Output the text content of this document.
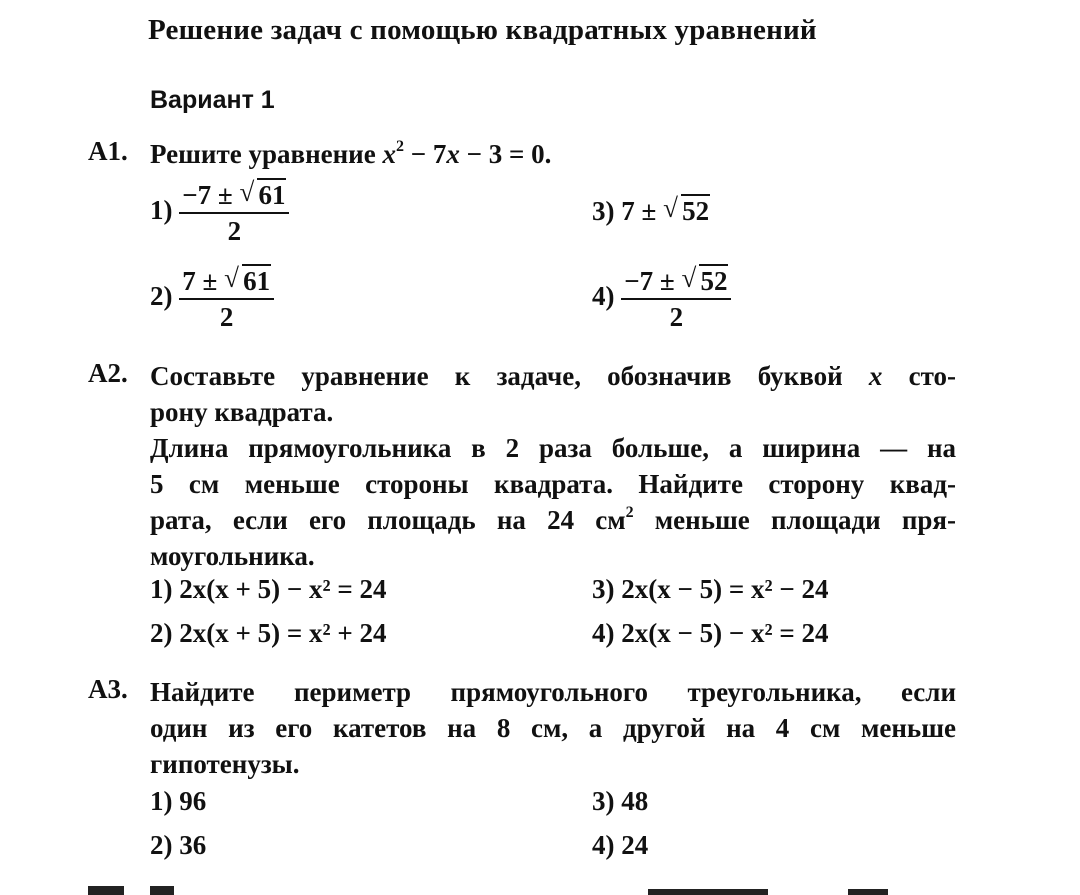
Решение задач с помощью квадратных уравнений
Вариант 1
А1. Решите уравнение $x^2 - 7x - 3 = 0$.
$1) \frac{-7 \pm √ 61}{2}$
$2) \frac{7 \pm √ 61}{2}$
3) 7 ± √ 52
$4) \frac{-7 \pm √ 52}{2}$
А2. Составьте уравнение к задаче, обозначив буквой x сто-
рону квадрата.
Длина прямоугольника в 2 раза больше, а ширина — на
5 см меньше стороны квадрата. Найдите сторону квад-
рата, если его площадь на 24 $см^2$ меньше площади пря-
моугольника.
1) 2x(x + 5) − x² = 24
2) 2x(x + 5) = x² + 24
3) 2x(x − 5) = x² − 24
4) 2x(x − 5) − x² = 24
А3. Найдите периметр прямоугольного треугольника, если
один из его катетов на 8 см, а другой на 4 см меньше
гипотенузы.
1) 96
2) 36
3) 48
4) 24
